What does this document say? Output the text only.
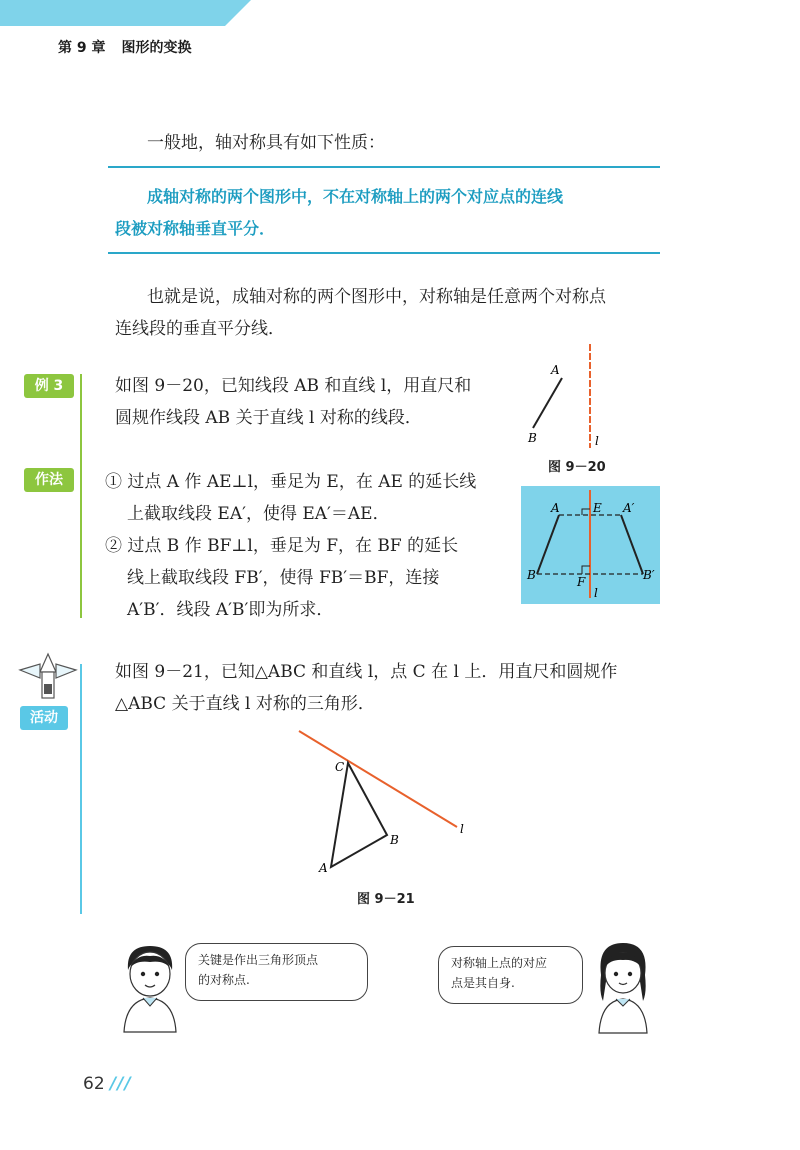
第 9 章 图形的变换
一般地，轴对称具有如下性质：
成轴对称的两个图形中，不在对称轴上的两个对应点的连线
段被对称轴垂直平分．
也就是说，成轴对称的两个图形中，对称轴是任意两个对称点
连线段的垂直平分线．
例 3	如图 9－20，已知线段 AB 和直线 l，用直尺和
圆规作线段 AB 关于直线 l 对称的线段．
A
B	l
图 9－20
作法	① 过点 A 作 AE⊥l，垂足为 E，在 AE 的延长线
上截取线段 EA′，使得 EA′＝AE．
② 过点 B 作 BF⊥l，垂足为 F，在 BF 的延长
线上截取线段 FB′，使得 FB′＝BF，连接
A′B′．线段 A′B′即为所求．
A	E A′
B	F	B′
l
活动
如图 9－21，已知△ABC 和直线 l，点 C 在 l 上．用直尺和圆规作
△ABC 关于直线 l 对称的三角形．
C
B
A
l
图 9－21
关键是作出三角形顶点
的对称点.
对称轴上点的对应
点是其自身.
62 ///
